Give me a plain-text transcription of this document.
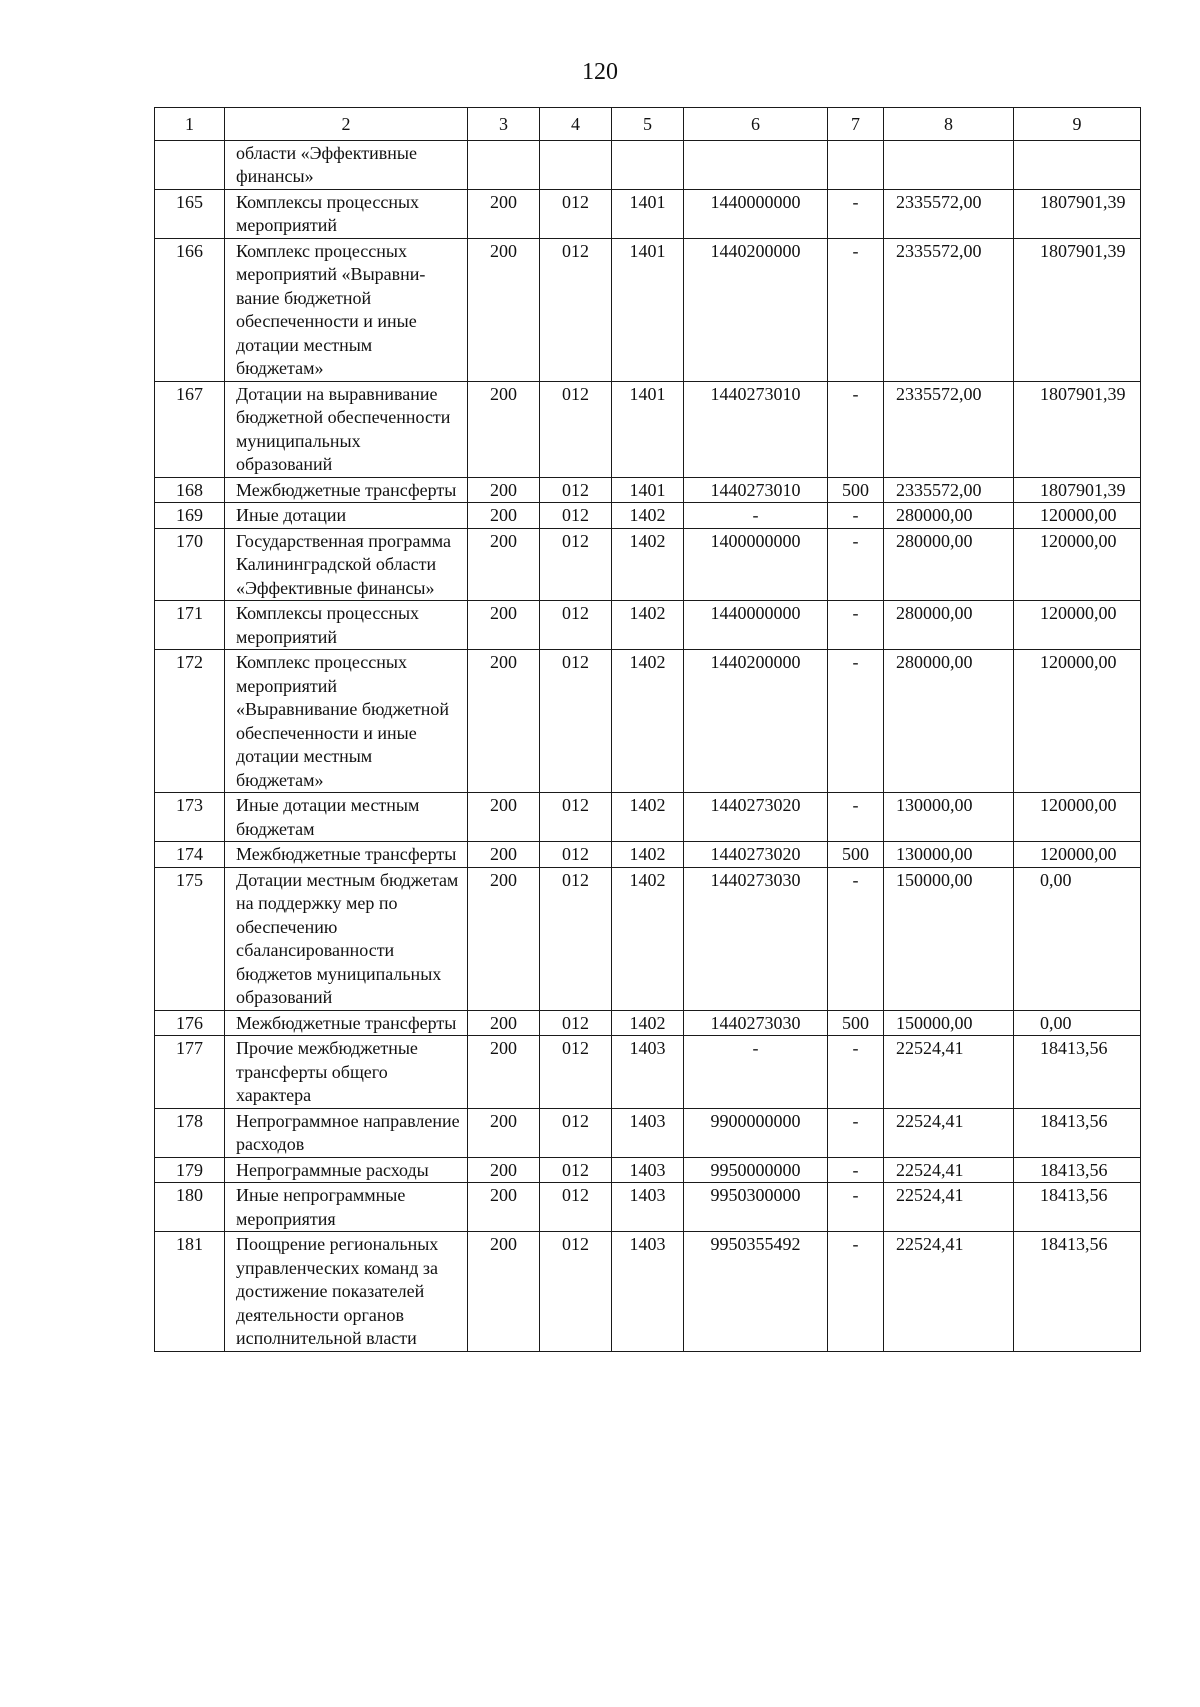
120
1	2	3	4	5	6	7	8	9
	области «Эффективные финансы»							
165	Комплексы процессных мероприятий	200	012	1401	1440000000	-	2335572,00	1807901,39
166	Комплекс процессных мероприятий «Выравни-вание бюджетной обеспеченности и иные дотации местным бюджетам»	200	012	1401	1440200000	-	2335572,00	1807901,39
167	Дотации на выравнивание бюджетной обеспеченности муниципальных образований	200	012	1401	1440273010	-	2335572,00	1807901,39
168	Межбюджетные трансферты	200	012	1401	1440273010	500	2335572,00	1807901,39
169	Иные дотации	200	012	1402	-	-	280000,00	120000,00
170	Государственная программа Калининградской области «Эффективные финансы»	200	012	1402	1400000000	-	280000,00	120000,00
171	Комплексы процессных мероприятий	200	012	1402	1440000000	-	280000,00	120000,00
172	Комплекс процессных мероприятий «Выравнивание бюджетной обеспеченности и иные дотации местным бюджетам»	200	012	1402	1440200000	-	280000,00	120000,00
173	Иные дотации местным бюджетам	200	012	1402	1440273020	-	130000,00	120000,00
174	Межбюджетные трансферты	200	012	1402	1440273020	500	130000,00	120000,00
175	Дотации местным бюджетам на поддержку мер по обеспечению сбалансированности бюджетов муниципальных образований	200	012	1402	1440273030	-	150000,00	0,00
176	Межбюджетные трансферты	200	012	1402	1440273030	500	150000,00	0,00
177	Прочие межбюджетные трансферты общего характера	200	012	1403	-	-	22524,41	18413,56
178	Непрограммное направление расходов	200	012	1403	9900000000	-	22524,41	18413,56
179	Непрограммные расходы	200	012	1403	9950000000	-	22524,41	18413,56
180	Иные непрограммные мероприятия	200	012	1403	9950300000	-	22524,41	18413,56
181	Поощрение региональных управленческих команд за достижение показателей деятельности органов исполнительной власти	200	012	1403	9950355492	-	22524,41	18413,56
